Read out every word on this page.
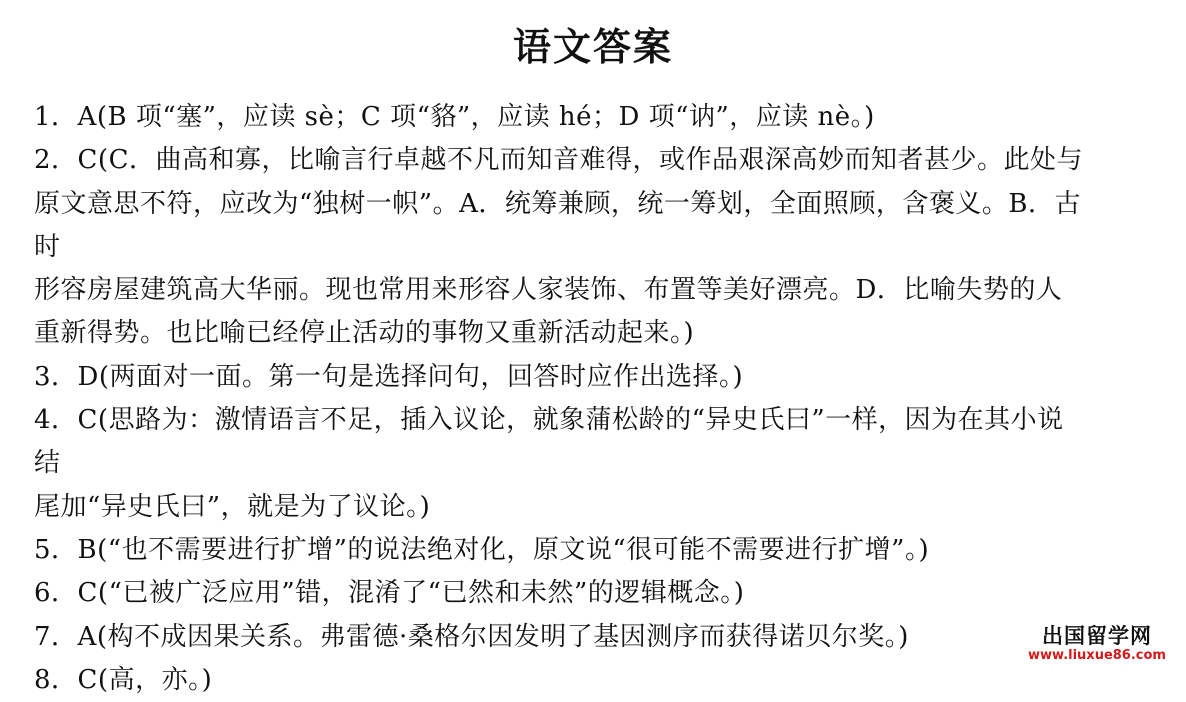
语文答案
1．A(B 项“塞”，应读 sè；C 项“貉”，应读 hé；D 项“讷”，应读 nè。)
2．C(C．曲高和寡，比喻言行卓越不凡而知音难得，或作品艰深高妙而知者甚少。此处与
原文意思不符，应改为“独树一帜”。A．统筹兼顾，统一筹划，全面照顾，含褒义。B．古
时
形容房屋建筑高大华丽。现也常用来形容人家装饰、布置等美好漂亮。D．比喻失势的人
重新得势。也比喻已经停止活动的事物又重新活动起来。)
3．D(两面对一面。第一句是选择问句，回答时应作出选择。)
4．C(思路为：激情语言不足，插入议论，就象蒲松龄的“异史氏曰”一样，因为在其小说
结
尾加“异史氏曰”，就是为了议论。)
5．B(“也不需要进行扩增”的说法绝对化，原文说“很可能不需要进行扩增”。)
6．C(“已被广泛应用”错，混淆了“已然和未然”的逻辑概念。)
7．A(构不成因果关系。弗雷德·桑格尔因发明了基因测序而获得诺贝尔奖。)
8．C(高，亦。)
出国留学网
www.liuxue86.com
